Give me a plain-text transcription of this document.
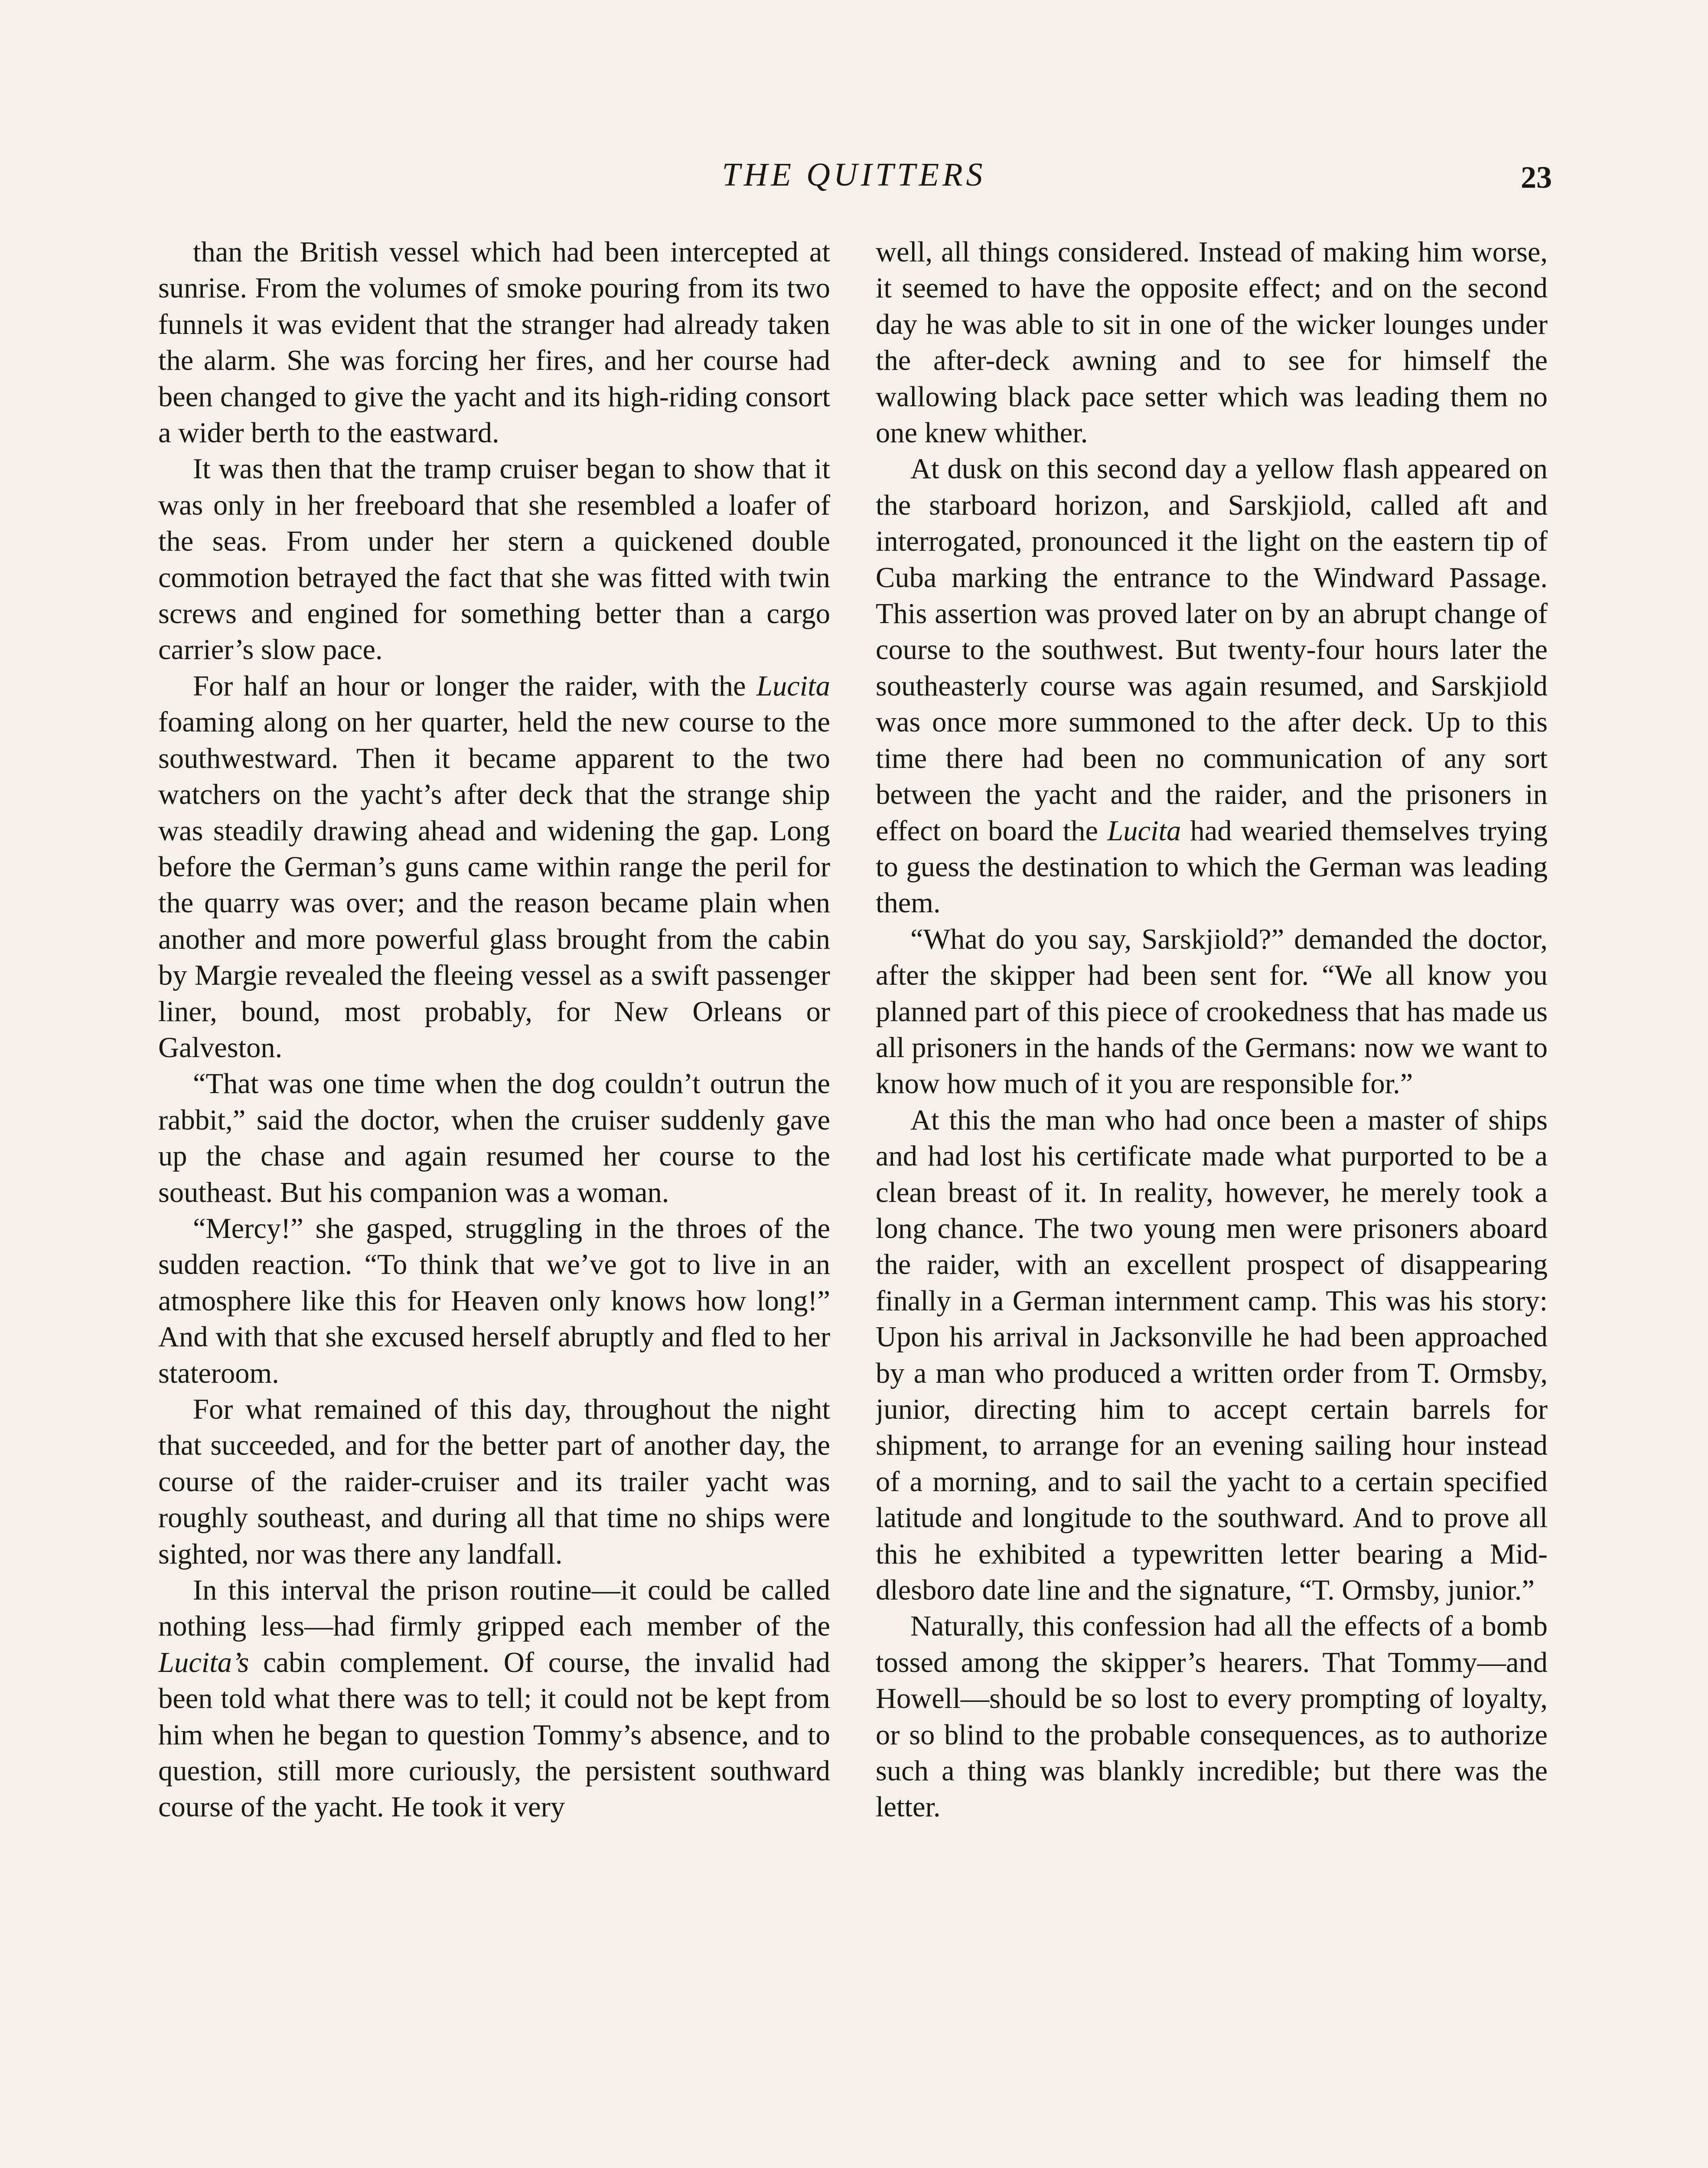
THE QUITTERS	23

than the British vessel which had been intercepted at sunrise. From the volumes of smoke pouring from its two funnels it was evident that the stranger had already taken the alarm. She was forcing her fires, and her course had been changed to give the yacht and its high-riding consort a wider berth to the eastward.

It was then that the tramp cruiser began to show that it was only in her freeboard that she resembled a loafer of the seas. From under her stern a quickened double commotion betrayed the fact that she was fitted with twin screws and engined for something better than a cargo carrier’s slow pace.

For half an hour or longer the raider, with the Lucita foaming along on her quarter, held the new course to the southwestward. Then it became apparent to the two watchers on the yacht’s after deck that the strange ship was steadily drawing ahead and widening the gap. Long before the German’s guns came within range the peril for the quarry was over; and the reason became plain when another and more powerful glass brought from the cabin by Margie revealed the fleeing vessel as a swift passenger liner, bound, most probably, for New Orleans or Galveston.

“That was one time when the dog couldn’t outrun the rabbit,” said the doctor, when the cruiser suddenly gave up the chase and again resumed her course to the southeast. But his companion was a woman.

“Mercy!” she gasped, struggling in the throes of the sudden reaction. “To think that we’ve got to live in an atmosphere like this for Heaven only knows how long!” And with that she excused herself abruptly and fled to her stateroom.

For what remained of this day, throughout the night that succeeded, and for the better part of another day, the course of the raider-cruiser and its trailer yacht was roughly southeast, and during all that time no ships were sighted, nor was there any landfall.

In this interval the prison routine—it could be called nothing less—had firmly gripped each member of the Lucita’s cabin complement. Of course, the invalid had been told what there was to tell; it could not be kept from him when he began to question Tommy’s absence, and to question, still more curiously, the persistent southward course of the yacht. He took it very

well, all things considered. Instead of making him worse, it seemed to have the opposite effect; and on the second day he was able to sit in one of the wicker lounges under the after-deck awning and to see for himself the wallowing black pace setter which was leading them no one knew whither.

At dusk on this second day a yellow flash appeared on the starboard horizon, and Sarskjiold, called aft and interrogated, pronounced it the light on the eastern tip of Cuba marking the entrance to the Windward Passage. This assertion was proved later on by an abrupt change of course to the southwest. But twenty-four hours later the southeasterly course was again resumed, and Sarskjiold was once more summoned to the after deck. Up to this time there had been no communication of any sort between the yacht and the raider, and the prisoners in effect on board the Lucita had wearied themselves trying to guess the destination to which the German was leading them.

“What do you say, Sarskjiold?” demanded the doctor, after the skipper had been sent for. “We all know you planned part of this piece of crookedness that has made us all prisoners in the hands of the Germans: now we want to know how much of it you are responsible for.”

At this the man who had once been a master of ships and had lost his certificate made what purported to be a clean breast of it. In reality, however, he merely took a long chance. The two young men were prisoners aboard the raider, with an excellent prospect of disappearing finally in a German internment camp. This was his story: Upon his arrival in Jacksonville he had been approached by a man who produced a written order from T. Ormsby, junior, directing him to accept certain barrels for shipment, to arrange for an evening sailing hour instead of a morning, and to sail the yacht to a certain specified latitude and longitude to the southward. And to prove all this he exhibited a typewritten letter bearing a Middlesboro date line and the signature, “T. Ormsby, junior.”

Naturally, this confession had all the effects of a bomb tossed among the skipper’s hearers. That Tommy—and Howell—should be so lost to every prompting of loyalty, or so blind to the probable consequences, as to authorize such a thing was blankly incredible; but there was the letter.
